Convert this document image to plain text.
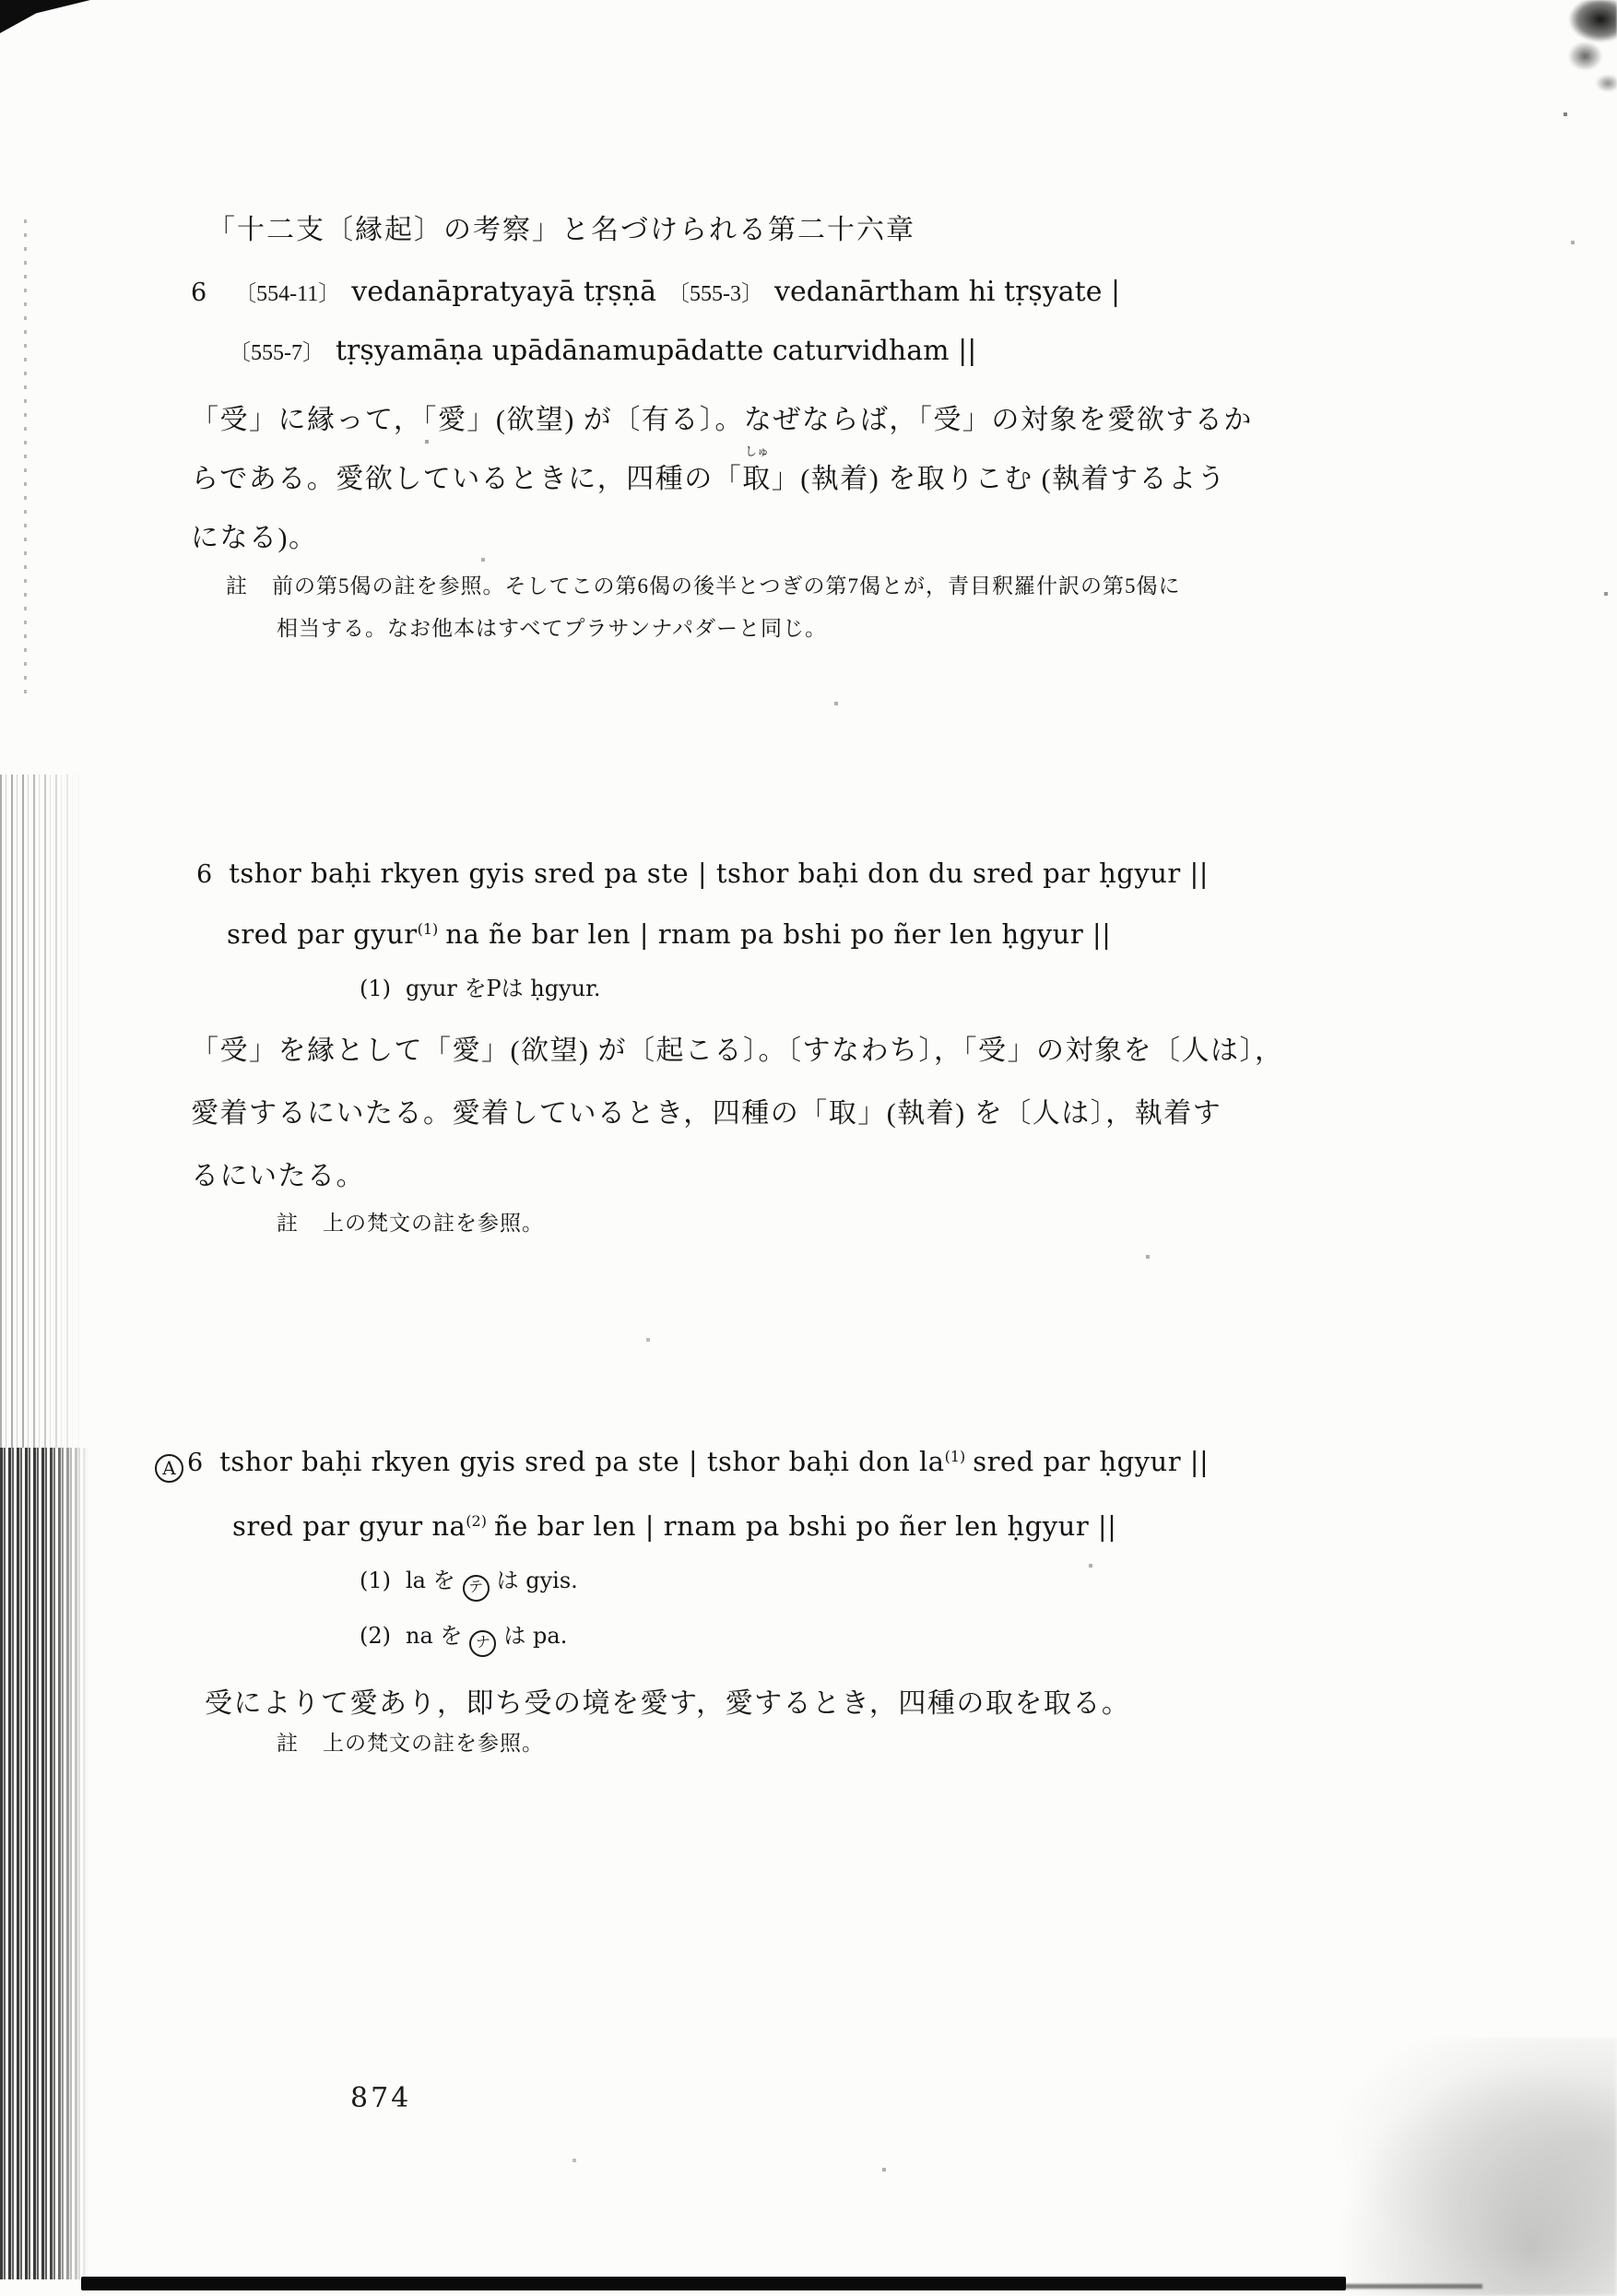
「十二支〔縁起〕の考察」と名づけられる第二十六章
6 〔554-11〕 vedanāpratyayā tṛṣṇā 〔555-3〕 vedanārtham hi tṛṣyate |
〔555-7〕 tṛṣyamāṇa upādānamupādatte caturvidham ||
「受」に縁って，「愛」(欲望) が〔有る〕。なぜならば，「受」の対象を愛欲するか
らである。愛欲しているときに，四種の「取
しゅ
」(執着) を取りこむ (執着するよう
になる)。
註 前の第5偈の註を参照。そしてこの第6偈の後半とつぎの第7偈とが，青目釈羅什訳の第5偈に
相当する。なお他本はすべてプラサンナパダーと同じ。
6 tshor baḥi rkyen gyis sred pa ste | tshor baḥi don du sred par ḥgyur ||
sred par gyur$^{(1)}$ na ñe bar len | rnam pa bshi po ñer len ḥgyur ||
(1) gyur をPは ḥgyur.
「受」を縁として「愛」(欲望) が〔起こる〕。〔すなわち〕，「受」の対象を〔人は〕，
愛着するにいたる。愛着しているとき，四種の「取」(執着) を〔人は〕，執着す
るにいたる。
註 上の梵文の註を参照。
A 6 tshor baḥi rkyen gyis sred pa ste | tshor baḥi don $la^{(1)}$ sred par ḥgyur ||
sred par gyur $na^{(2)}$ ñe bar len | rnam pa bshi po ñer len ḥgyur ||
(1) la を テ は gyis.
(2) na を ナ は pa.
受によりて愛あり，即ち受の境を愛す，愛するとき，四種の取を取る。
註 上の梵文の註を参照。
874
